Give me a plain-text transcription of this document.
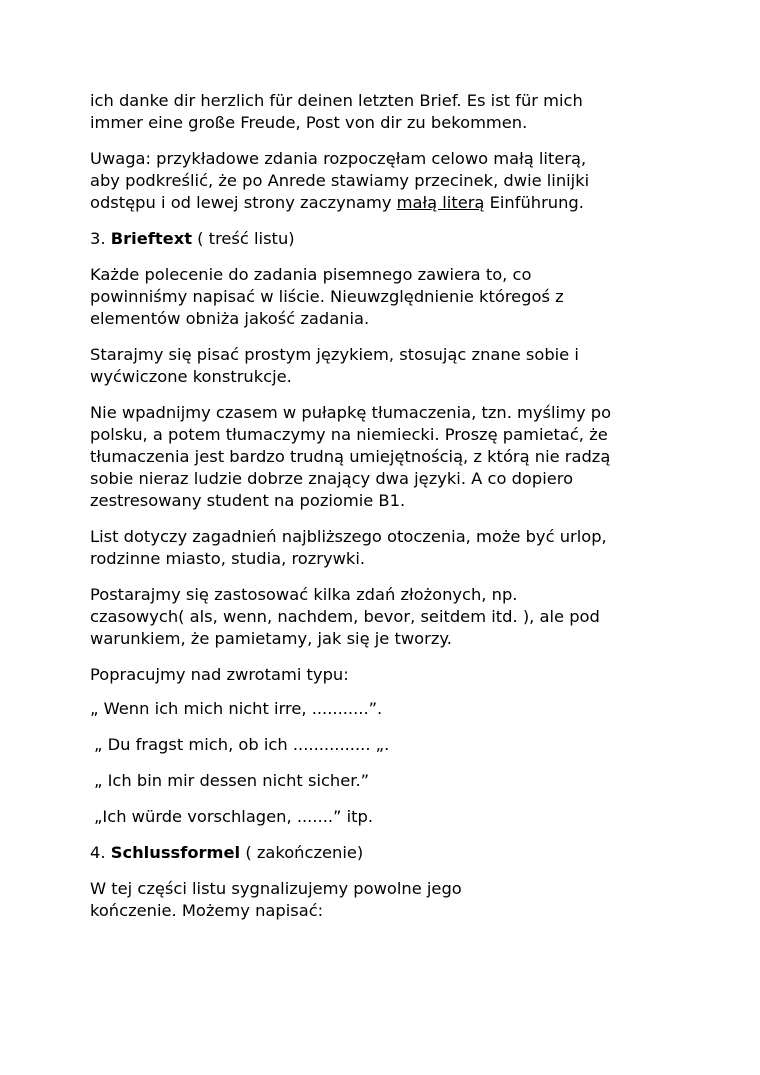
ich danke dir herzlich für deinen letzten Brief. Es ist für mich

immer eine große Freude, Post von dir zu bekommen.

Uwaga: przykładowe zdania rozpoczęłam celowo małą literą,

aby podkreślić, że po Anrede stawiamy przecinek, dwie linijki

odstępu i od lewej strony zaczynamy małą literą Einführung.

3. Brieftext ( treść listu)

Każde polecenie do zadania pisemnego zawiera to, co

powinniśmy napisać w liście. Nieuwzględnienie któregoś z

elementów obniża jakość zadania.

Starajmy się pisać prostym językiem, stosując znane sobie i

wyćwiczone konstrukcje.

Nie wpadnijmy czasem w pułapkę tłumaczenia, tzn. myślimy po

polsku, a potem tłumaczymy na niemiecki. Proszę pamietać, że

tłumaczenia jest bardzo trudną umiejętnością, z którą nie radzą

sobie nieraz ludzie dobrze znający dwa języki. A co dopiero

zestresowany student na poziomie B1.

List dotyczy zagadnień najbliższego otoczenia, może być urlop,

rodzinne miasto, studia, rozrywki.

Postarajmy się zastosować kilka zdań złożonych, np.

czasowych( als, wenn, nachdem, bevor, seitdem itd. ), ale pod

warunkiem, że pamietamy, jak się je tworzy.

Popracujmy nad zwrotami typu:

„ Wenn ich mich nicht irre, ...........”.

„ Du fragst mich, ob ich ............... „.

„ Ich bin mir dessen nicht sicher.”

„Ich würde vorschlagen, .......” itp.

4. Schlussformel ( zakończenie)

W tej części listu sygnalizujemy powolne jego

kończenie. Możemy napisać:
